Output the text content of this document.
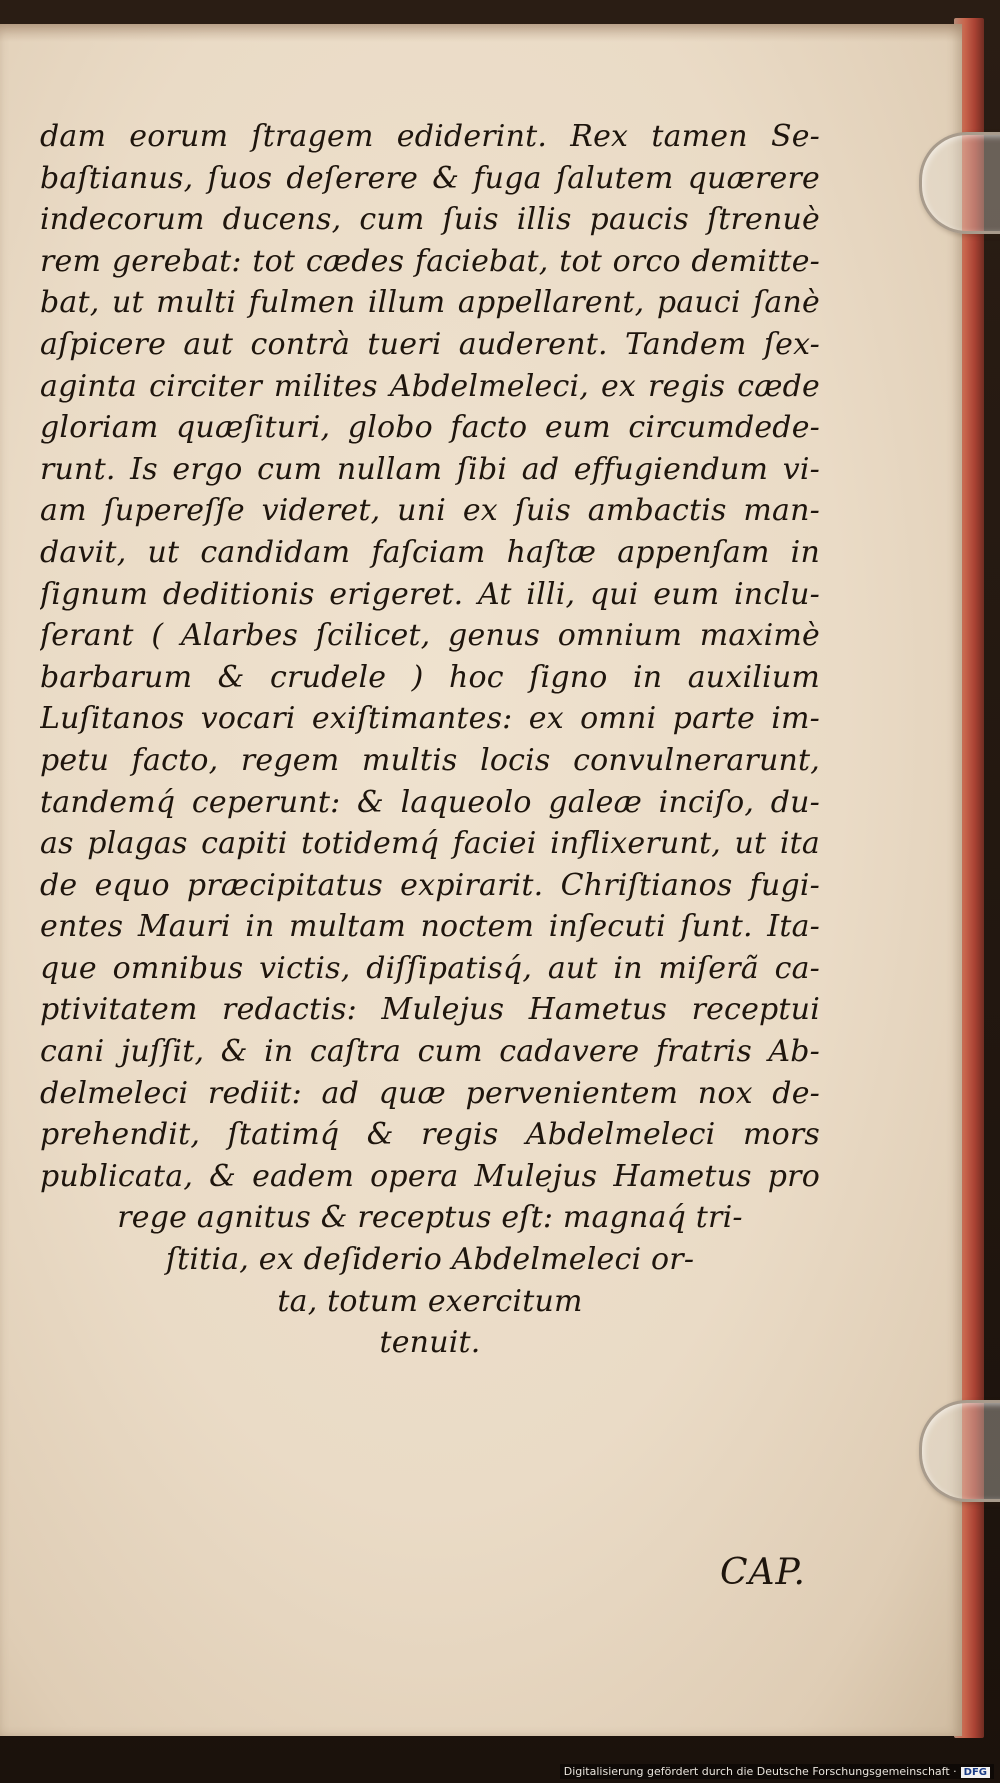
dam eorum ſtragem ediderint. Rex tamen Se-
baſtianus, ſuos deſerere & fuga ſalutem quærere
indecorum ducens, cum ſuis illis paucis ſtrenuè
rem gerebat: tot cædes faciebat, tot orco demitte-
bat, ut multi fulmen illum appellarent, pauci ſanè
aſpicere aut contrà tueri auderent. Tandem ſex-
aginta circiter milites Abdelmeleci, ex regis cæde
gloriam quæſituri, globo facto eum circumdede-
runt. Is ergo cum nullam ſibi ad effugiendum vi-
am ſupereſſe videret, uni ex ſuis ambactis man-
davit, ut candidam faſciam haſtæ appenſam in
ſignum deditionis erigeret. At illi, qui eum inclu-
ſerant ( Alarbes ſcilicet, genus omnium maximè
barbarum & crudele ) hoc ſigno in auxilium
Luſitanos vocari exiſtimantes: ex omni parte im-
petu facto, regem multis locis convulnerarunt,
tandemq́ ceperunt: & laqueolo galeæ inciſo, du-
as plagas capiti totidemq́ faciei inflixerunt, ut ita
de equo præcipitatus expirarit. Chriſtianos fugi-
entes Mauri in multam noctem inſecuti ſunt. Ita-
que omnibus victis, diſſipatisq́, aut in miſerã ca-
ptivitatem redactis: Mulejus Hametus receptui
cani juſſit, & in caſtra cum cadavere fratris Ab-
delmeleci rediit: ad quæ pervenientem nox de-
prehendit, ſtatimq́ & regis Abdelmeleci mors
publicata, & eadem opera Mulejus Hametus pro
rege agnitus & receptus eſt: magnaq́ tri-
ſtitia, ex deſiderio Abdelmeleci or-
ta, totum exercitum
tenuit.
CAP.
Digitalisierung gefördert durch die Deutsche Forschungsgemeinschaft · DFG
